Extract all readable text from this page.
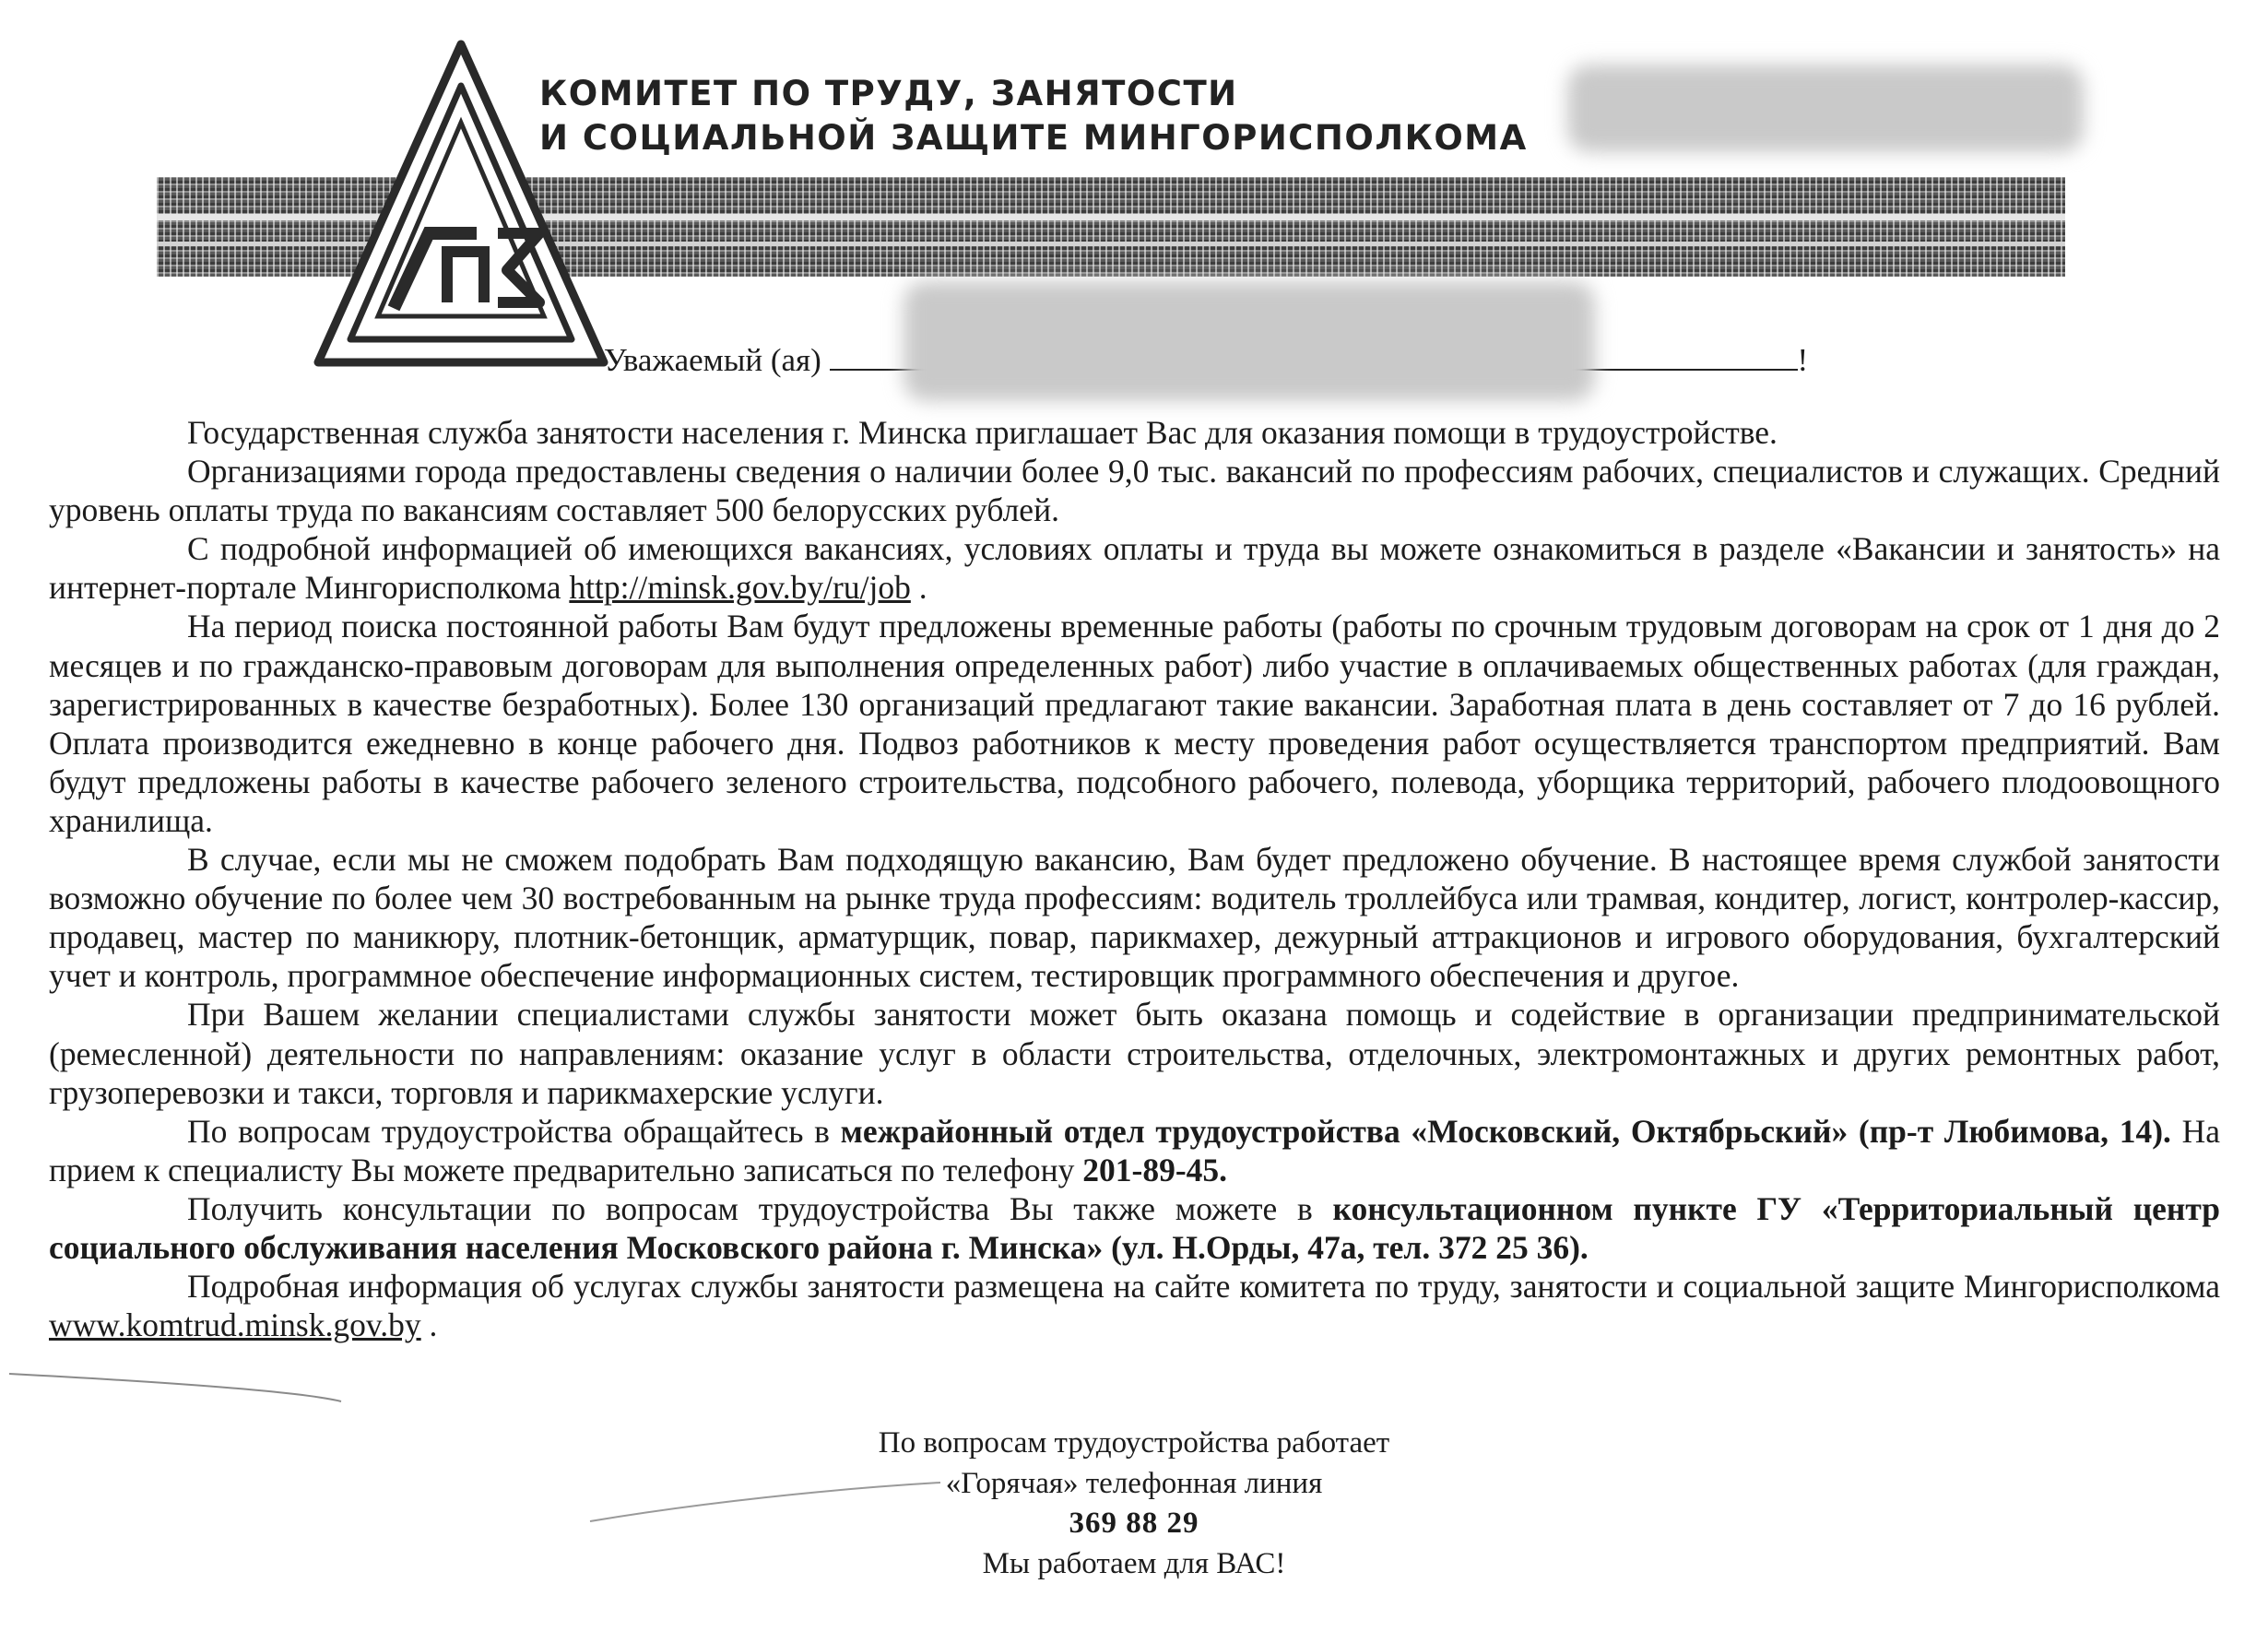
КОМИТЕТ ПО ТРУДУ, ЗАНЯТОСТИ
И СОЦИАЛЬНОЙ ЗАЩИТЕ МИНГОРИСПОЛКОМА

Уважаемый (ая)	!

Государственная служба занятости населения г. Минска приглашает Вас для оказания помощи в трудоустройстве.

Организациями города предоставлены сведения о наличии более 9,0 тыс. вакансий по профессиям рабочих, специалистов и служащих. Средний уровень оплаты труда по вакансиям составляет 500 белорусских рублей.

С подробной информацией об имеющихся вакансиях, условиях оплаты и труда вы можете ознакомиться в разделе «Вакансии и занятость» на интернет-портале Мингорисполкома http://minsk.gov.by/ru/job .

На период поиска постоянной работы Вам будут предложены временные работы (работы по срочным трудовым договорам на срок от 1 дня до 2 месяцев и по гражданско-правовым договорам для выполнения определенных работ) либо участие в оплачиваемых общественных работах (для граждан, зарегистрированных в качестве безработных). Более 130 организаций предлагают такие вакансии. Заработная плата в день составляет от 7 до 16 рублей. Оплата производится ежедневно в конце рабочего дня. Подвоз работников к месту проведения работ осуществляется транспортом предприятий. Вам будут предложены работы в качестве рабочего зеленого строительства, подсобного рабочего, полевода, уборщика территорий, рабочего плодоовощного хранилища.

В случае, если мы не сможем подобрать Вам подходящую вакансию, Вам будет предложено обучение. В настоящее время службой занятости возможно обучение по более чем 30 востребованным на рынке труда профессиям: водитель троллейбуса или трамвая, кондитер, логист, контролер-кассир, продавец, мастер по маникюру, плотник-бетонщик, арматурщик, повар, парикмахер, дежурный аттракционов и игрового оборудования, бухгалтерский учет и контроль, программное обеспечение информационных систем, тестировщик программного обеспечения и другое.

При Вашем желании специалистами службы занятости может быть оказана помощь и содействие в организации предпринимательской (ремесленной) деятельности по направлениям: оказание услуг в области строительства, отделочных, электромонтажных и других ремонтных работ, грузоперевозки и такси, торговля и парикмахерские услуги.

По вопросам трудоустройства обращайтесь в межрайонный отдел трудоустройства «Московский, Октябрьский» (пр-т Любимова, 14). На прием к специалисту Вы можете предварительно записаться по телефону 201-89-45.

Получить консультации по вопросам трудоустройства Вы также можете в консультационном пункте ГУ «Территориальный центр социального обслуживания населения Московского района г. Минска» (ул. Н.Орды, 47а, тел. 372 25 36).

Подробная информация об услугах службы занятости размещена на сайте комитета по труду, занятости и социальной защите Мингорисполкома www.komtrud.minsk.gov.by .

По вопросам трудоустройства работает
«Горячая» телефонная линия
369 88 29
Мы работаем для ВАС!
